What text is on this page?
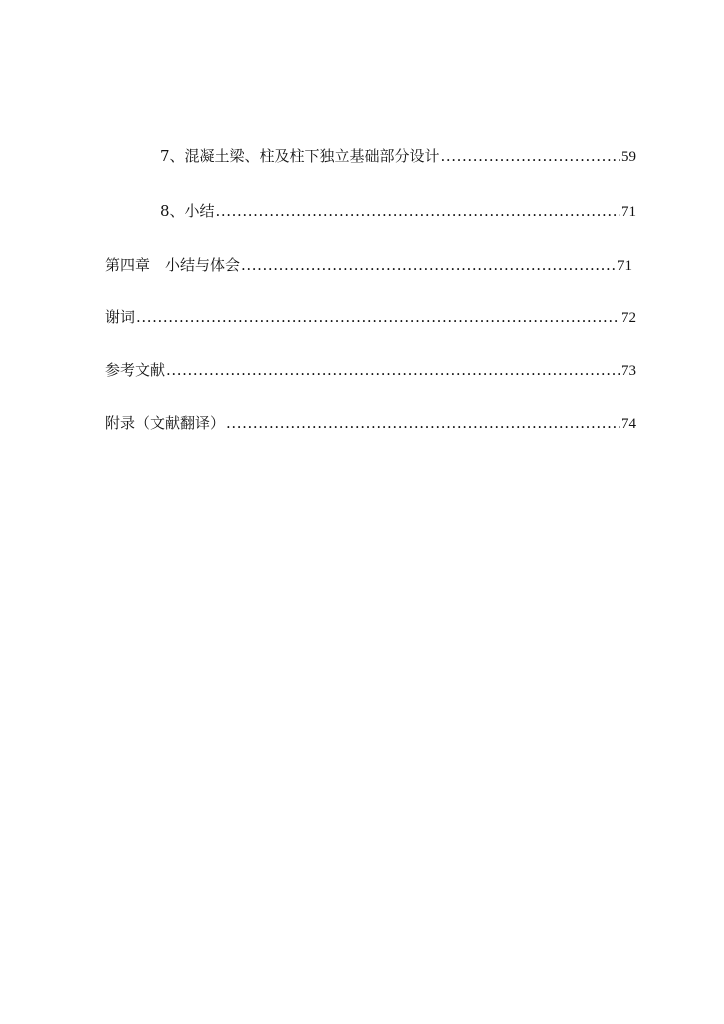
7、混凝土梁、柱及柱下独立基础部分设计 .....	59
8、小结 .....	71
第四章　小结与体会 .....	71
谢词 .....	72
参考文献 .....	73
附录（文献翻译） .....	74
